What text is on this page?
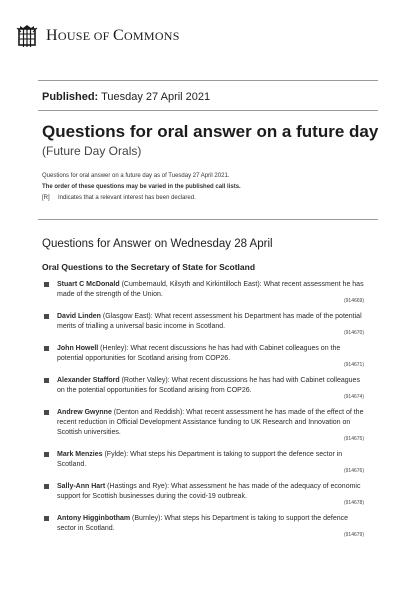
HOUSE OF COMMONS
Published: Tuesday 27 April 2021
Questions for oral answer on a future day
(Future Day Orals)
Questions for oral answer on a future day as of Tuesday 27 April 2021.
The order of these questions may be varied in the published call lists.
[R] Indicates that a relevant interest has been declared.
Questions for Answer on Wednesday 28 April
Oral Questions to the Secretary of State for Scotland
Stuart C McDonald (Cumbernauld, Kilsyth and Kirkintilloch East): What recent assessment he has made of the strength of the Union.
(914669)
David Linden (Glasgow East): What recent assessment his Department has made of the potential merits of trialling a universal basic income in Scotland.
(914670)
John Howell (Henley): What recent discussions he has had with Cabinet colleagues on the potential opportunities for Scotland arising from COP26.
(914671)
Alexander Stafford (Rother Valley): What recent discussions he has had with Cabinet colleagues on the potential opportunities for Scotland arising from COP26.
(914674)
Andrew Gwynne (Denton and Reddish): What recent assessment he has made of the effect of the recent reduction in Official Development Assistance funding to UK Research and Innovation on Scottish universities.
(914675)
Mark Menzies (Fylde): What steps his Department is taking to support the defence sector in Scotland.
(914676)
Sally-Ann Hart (Hastings and Rye): What assessment he has made of the adequacy of economic support for Scottish businesses during the covid-19 outbreak.
(914678)
Antony Higginbotham (Burnley): What steps his Department is taking to support the defence sector in Scotland.
(914679)
